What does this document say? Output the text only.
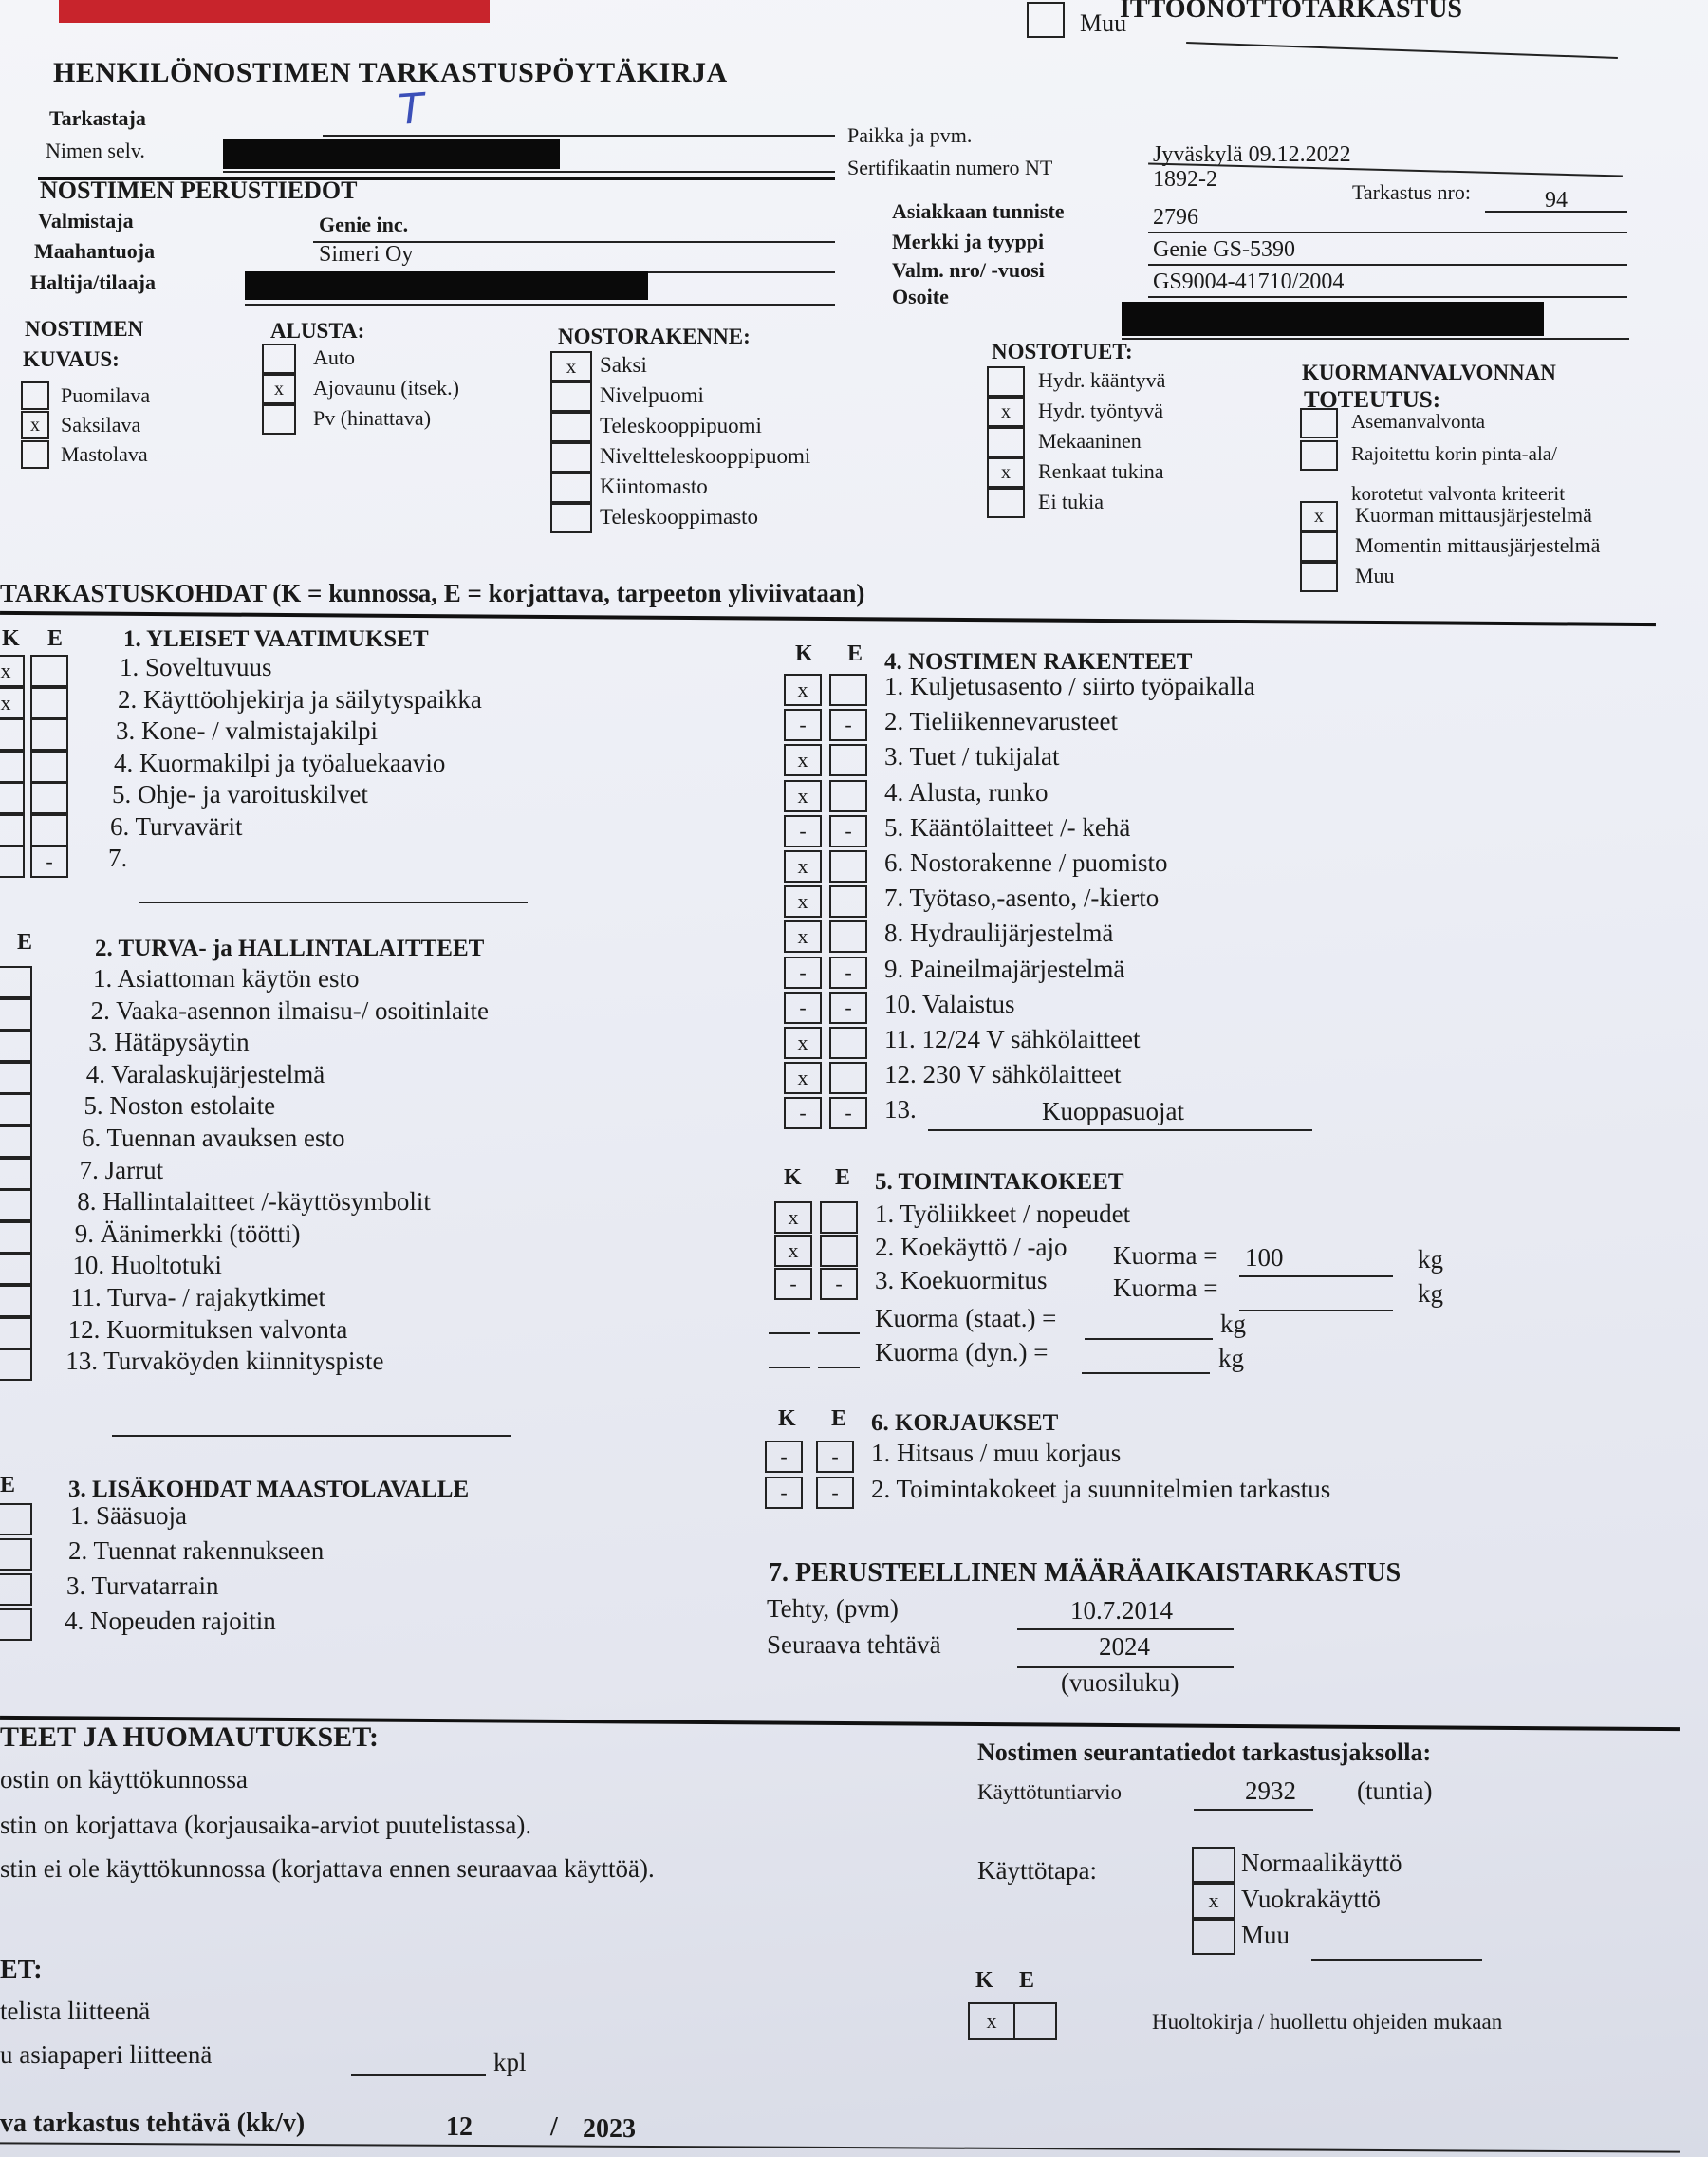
ITTOONOTTOTARKASTUS
Muu
HENKILÖNOSTIMEN TARKASTUSPÖYTÄKIRJA
Tarkastaja	T
Nimen selv.
Paikka ja pvm.
Jyväskylä 09.12.2022
Sertifikaatin numero NT	1892-2
Tarkastus nro:	94
NOSTIMEN PERUSTIEDOT
Valmistaja	Genie inc.
Maahantuoja	Simeri Oy
Haltija/tilaaja
Asiakkaan tunniste	2796
Merkki ja tyyppi	Genie GS-5390
Valm. nro/ -vuosi	GS9004-41710/2004
Osoite
NOSTIMEN
KUVAUS:
Puomilava
x	Saksilava
Mastolava
ALUSTA:
Auto
x	Ajovaunu (itsek.)
Pv (hinattava)
NOSTORAKENNE:
x	Saksi
Nivelpuomi
Teleskooppipuomi
Niveltteleskooppipuomi
Kiintomasto
Teleskooppimasto
NOSTOTUET:
Hydr. kääntyvä
x	Hydr. työntyvä
Mekaaninen
x	Renkaat tukina
Ei tukia
KUORMANVALVONNAN
TOTEUTUS:
korotetut valvonta kriteerit
Asemanvalvonta
Rajoitettu korin pinta-ala/
x	Kuorman mittausjärjestelmä
Momentin mittausjärjestelmä
Muu
TARKASTUSKOHDAT (K = kunnossa, E = korjattava, tarpeeton yliviivataan)
K E	1. YLEISET VAATIMUKSET
x	1. Soveltuvuus
x	2. Käyttöohjekirja ja säilytyspaikka
3. Kone- / valmistajakilpi
4. Kuormakilpi ja työaluekaavio
5. Ohje- ja varoituskilvet
6. Turvavärit
-	7.
E	2. TURVA- ja HALLINTALAITTEET
1. Asiattoman käytön esto
2. Vaaka-asennon ilmaisu-/ osoitinlaite
3. Hätäpysäytin
4. Varalaskujärjestelmä
5. Noston estolaite
6. Tuennan avauksen esto
7. Jarrut
8. Hallintalaitteet /-käyttösymbolit
9. Äänimerkki (töötti)
10. Huoltotuki
11. Turva- / rajakytkimet
12. Kuormituksen valvonta
13. Turvaköyden kiinnityspiste
E 3. LISÄKOHDAT MAASTOLAVALLE
1. Sääsuoja
2. Tuennat rakennukseen
3. Turvatarrain
4. Nopeuden rajoitin
K E 4. NOSTIMEN RAKENTEET
x	1. Kuljetusasento / siirto työpaikalla
-	-	2. Tieliikennevarusteet
x	3. Tuet / tukijalat
x	4. Alusta, runko
-	-	5. Kääntölaitteet /- kehä
x	6. Nostorakenne / puomisto
x	7. Työtaso,-asento, /-kierto
x	8. Hydraulijärjestelmä
-	-	9. Paineilmajärjestelmä
-	-	10. Valaistus
x	11. 12/24 V sähkölaitteet
x	12. 230 V sähkölaitteet
-	-	13.	Kuoppasuojat
K E 5. TOIMINTAKOKEET
x	1. Työliikkeet / nopeudet
x	2. Koekäyttö / -ajo
-	-	3. Koekuormitus
Kuorma = 100	kg
Kuorma =	kg
Kuorma (staat.) =	kg
Kuorma (dyn.) =	kg
K E 6. KORJAUKSET
-	-	1. Hitsaus / muu korjaus
-	-	2. Toimintakokeet ja suunnitelmien tarkastus
7. PERUSTEELLINEN MÄÄRÄAIKAISTARKASTUS
Tehty, (pvm)	10.7.2014
Seuraava tehtävä	2024
(vuosiluku)
TEET JA HUOMAUTUKSET:
ostin on käyttökunnossa
stin on korjattava (korjausaika-arviot puutelistassa).
stin ei ole käyttökunnossa (korjattava ennen seuraavaa käyttöä).
ET:
telista liitteenä
u asiapaperi liitteenä	kpl
va tarkastus tehtävä (kk/v)	12	/ 2023
Nostimen seurantatiedot tarkastusjaksolla:
Käyttötuntiarvio	2932 (tuntia)
Käyttötapa:	Normaalikäyttö
x Vuokrakäyttö
Muu
K E
x	Huoltokirja / huollettu ohjeiden mukaan
